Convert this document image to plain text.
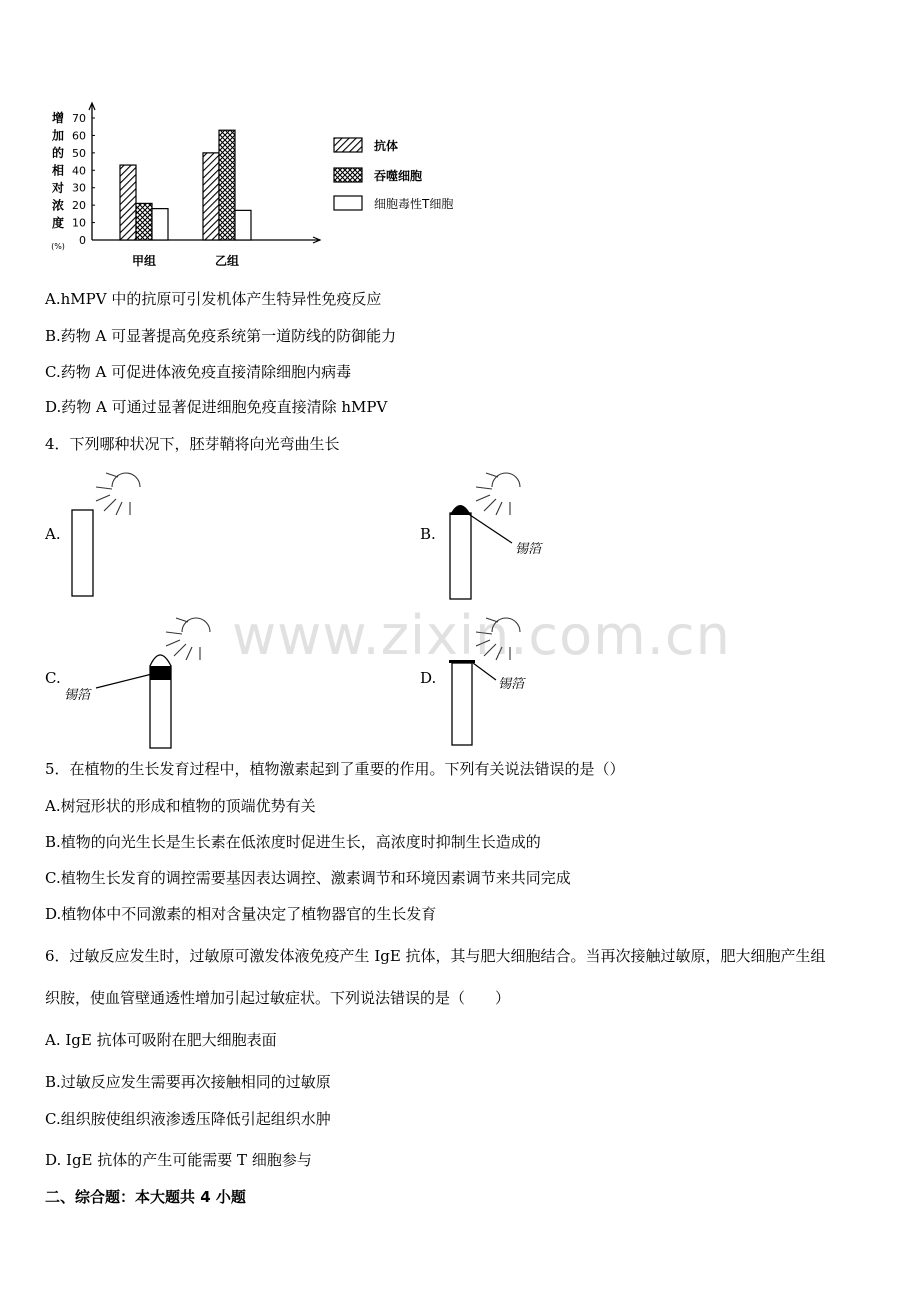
增
加
的
相
对
浓
度
(%)
70
60
50
40
30
20
10
0
甲组	乙组
抗体
吞噬细胞
细胞毒性T细胞
A.hMPV 中的抗原可引发机体产生特异性免疫反应
B.药物 A 可显著提高免疫系统第一道防线的防御能力
C.药物 A 可促进体液免疫直接清除细胞内病毒
D.药物 A 可通过显著促进细胞免疫直接清除 hMPV
4．下列哪种状况下，胚芽鞘将向光弯曲生长
A.	B.
C.	D.
锡箔
锡箔
锡箔
www.zixin.com.cn
5．在植物的生长发育过程中，植物激素起到了重要的作用。下列有关说法错误的是（）
A.树冠形状的形成和植物的顶端优势有关
B.植物的向光生长是生长素在低浓度时促进生长，高浓度时抑制生长造成的
C.植物生长发育的调控需要基因表达调控、激素调节和环境因素调节来共同完成
D.植物体中不同激素的相对含量决定了植物器官的生长发育
6．过敏反应发生时，过敏原可激发体液免疫产生 IgE 抗体，其与肥大细胞结合。当再次接触过敏原，肥大细胞产生组
织胺，使血管壁通透性增加引起过敏症状。下列说法错误的是（　　）
A. IgE 抗体可吸附在肥大细胞表面
B.过敏反应发生需要再次接触相同的过敏原
C.组织胺使组织液渗透压降低引起组织水肿
D. IgE 抗体的产生可能需要 T 细胞参与
二、综合题：本大题共 4 小题
